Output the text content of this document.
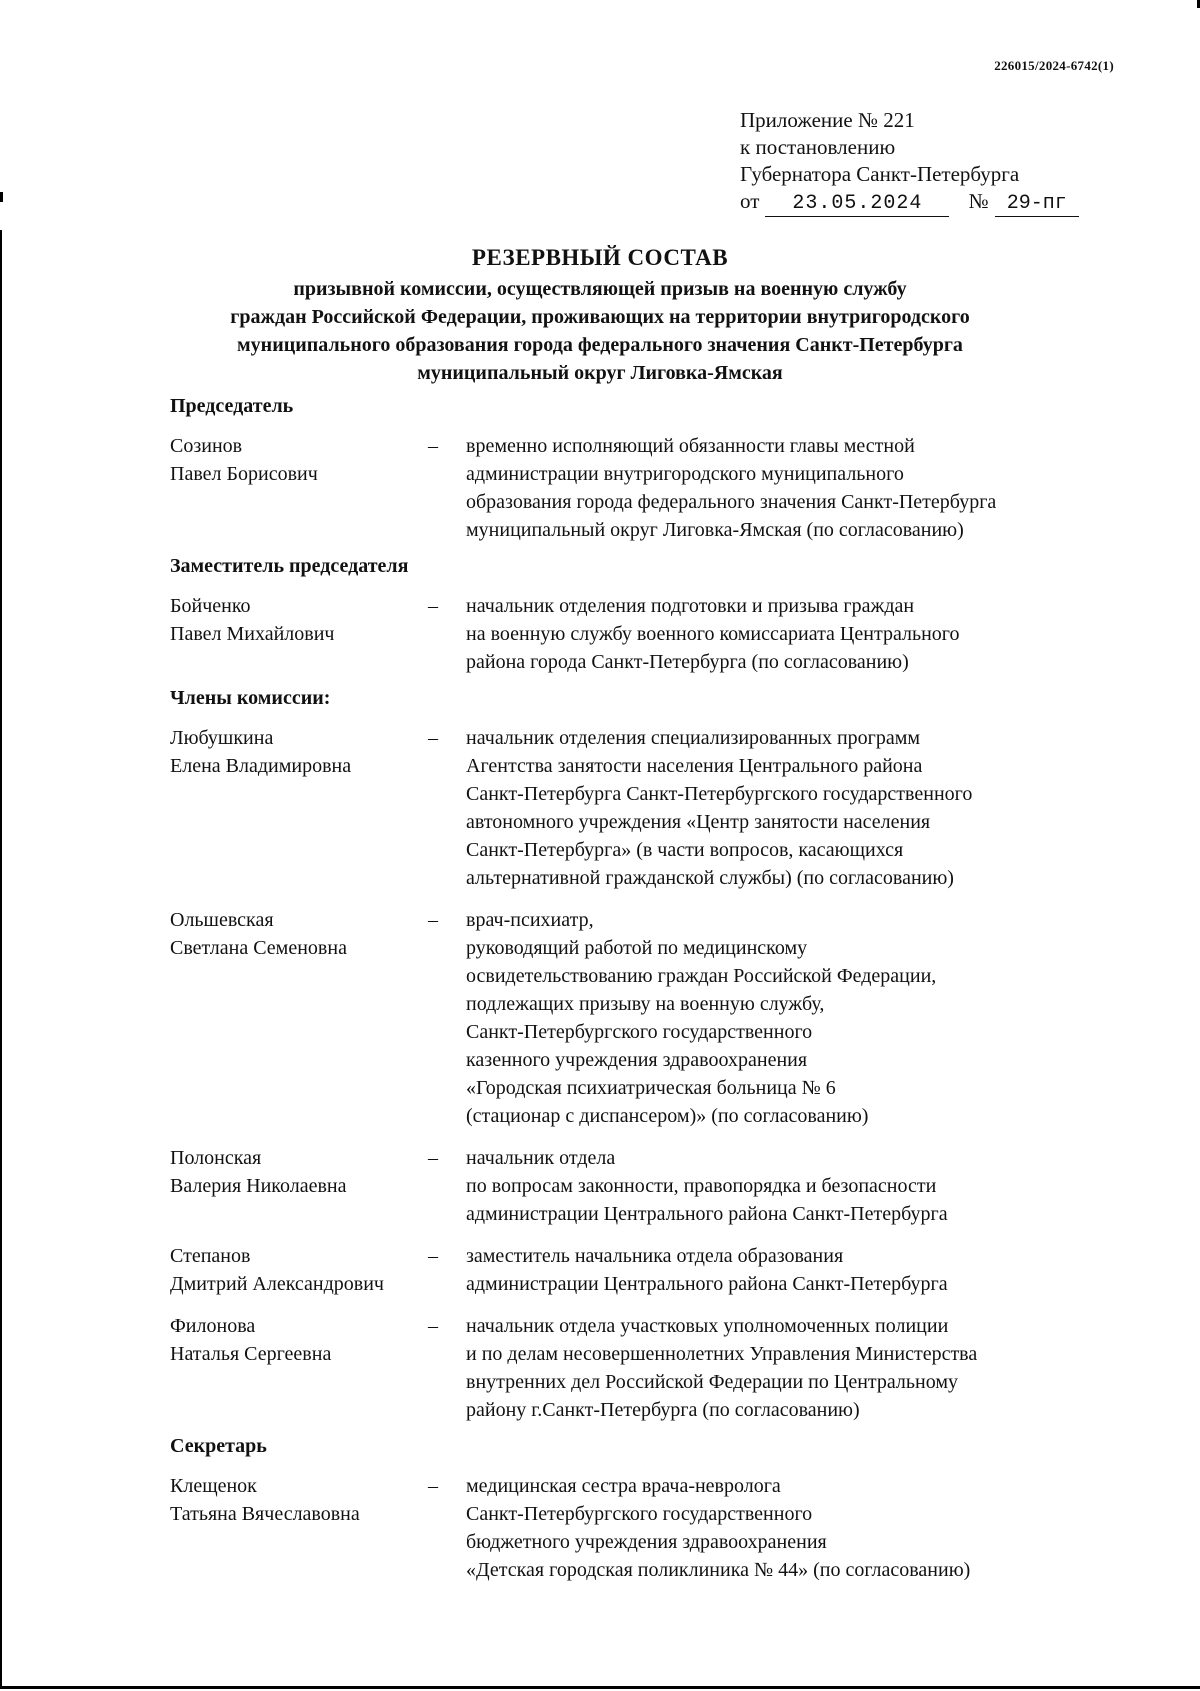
226015/2024-6742(1)
Приложение № 221
к постановлению
Губернатора Санкт-Петербурга
от 23.05.2024 № 29-пг
РЕЗЕРВНЫЙ СОСТАВ
призывной комиссии, осуществляющей призыв на военную службу
граждан Российской Федерации, проживающих на территории внутригородского
муниципального образования города федерального значения Санкт-Петербурга
муниципальный округ Лиговка-Ямская
Председатель
Созинов
Павел Борисович
–	временно исполняющий обязанности главы местной
администрации внутригородского муниципального
образования города федерального значения Санкт-Петербурга
муниципальный округ Лиговка-Ямская (по согласованию)
Заместитель председателя
Бойченко
Павел Михайлович
–	начальник отделения подготовки и призыва граждан
на военную службу военного комиссариата Центрального
района города Санкт-Петербурга (по согласованию)
Члены комиссии:
Любушкина
Елена Владимировна
–	начальник отделения специализированных программ
Агентства занятости населения Центрального района
Санкт-Петербурга Санкт-Петербургского государственного
автономного учреждения «Центр занятости населения
Санкт-Петербурга» (в части вопросов, касающихся
альтернативной гражданской службы) (по согласованию)
Ольшевская
Светлана Семеновна
–	врач-психиатр,
руководящий работой по медицинскому
освидетельствованию граждан Российской Федерации,
подлежащих призыву на военную службу,
Санкт-Петербургского государственного
казенного учреждения здравоохранения
«Городская психиатрическая больница № 6
(стационар с диспансером)» (по согласованию)
Полонская
Валерия Николаевна
–	начальник отдела
по вопросам законности, правопорядка и безопасности
администрации Центрального района Санкт-Петербурга
Степанов
Дмитрий Александрович
–	заместитель начальника отдела образования
администрации Центрального района Санкт-Петербурга
Филонова
Наталья Сергеевна
–	начальник отдела участковых уполномоченных полиции
и по делам несовершеннолетних Управления Министерства
внутренних дел Российской Федерации по Центральному
району г.Санкт-Петербурга (по согласованию)
Секретарь
Клещенок
Татьяна Вячеславовна
–	медицинская сестра врача-невролога
Санкт-Петербургского государственного
бюджетного учреждения здравоохранения
«Детская городская поликлиника № 44» (по согласованию)
